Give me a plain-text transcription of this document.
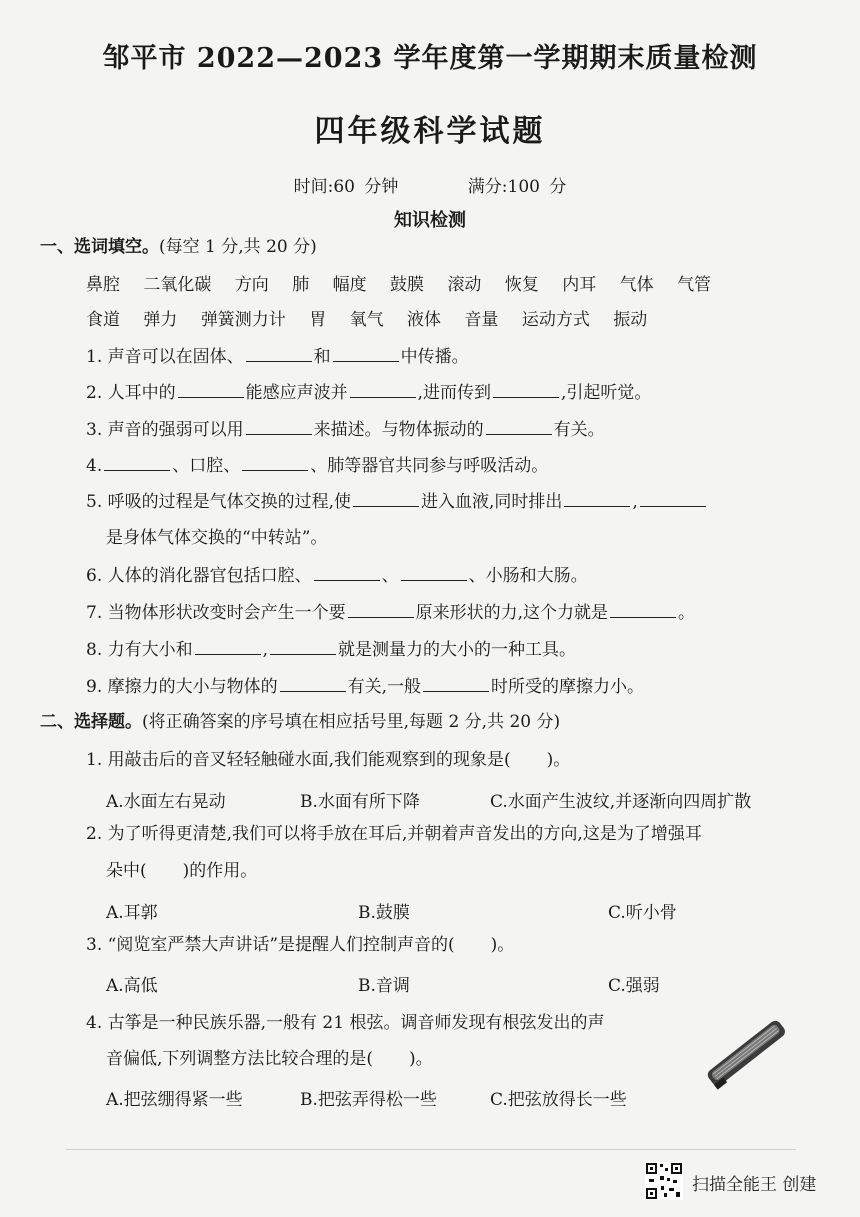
邹平市 2022—2023 学年度第一学期期末质量检测
四年级科学试题
时间:60 分钟	满分:100 分
知识检测
一、选词填空。(每空 1 分,共 20 分)
鼻腔 二氧化碳 方向 肺 幅度 鼓膜 滚动 恢复 内耳 气体 气管
食道 弹力 弹簧测力计 胃 氧气 液体 音量 运动方式 振动
1. 声音可以在固体、	和	中传播。
2. 人耳中的	能感应声波并	,进而传到	,引起听觉。
3. 声音的强弱可以用	来描述。与物体振动的	有关。
4.	、口腔、	、肺等器官共同参与呼吸活动。
5. 呼吸的过程是气体交换的过程,使	进入血液,同时排出	,
是身体气体交换的“中转站”。
6. 人体的消化器官包括口腔、	、	、小肠和大肠。
7. 当物体形状改变时会产生一个要	原来形状的力,这个力就是	。
8. 力有大小和	,	就是测量力的大小的一种工具。
9. 摩擦力的大小与物体的	有关,一般	时所受的摩擦力小。
二、选择题。(将正确答案的序号填在相应括号里,每题 2 分,共 20 分)
1. 用敲击后的音叉轻轻触碰水面,我们能观察到的现象是( )。
A.水面左右晃动	B.水面有所下降	C.水面产生波纹,并逐渐向四周扩散
2. 为了听得更清楚,我们可以将手放在耳后,并朝着声音发出的方向,这是为了增强耳
朵中( )的作用。
A.耳郭	B.鼓膜	C.听小骨
3. “阅览室严禁大声讲话”是提醒人们控制声音的( )。
A.高低	B.音调	C.强弱
4. 古筝是一种民族乐器,一般有 21 根弦。调音师发现有根弦发出的声
音偏低,下列调整方法比较合理的是( )。
A.把弦绷得紧一些	B.把弦弄得松一些	C.把弦放得长一些
扫描全能王 创建
